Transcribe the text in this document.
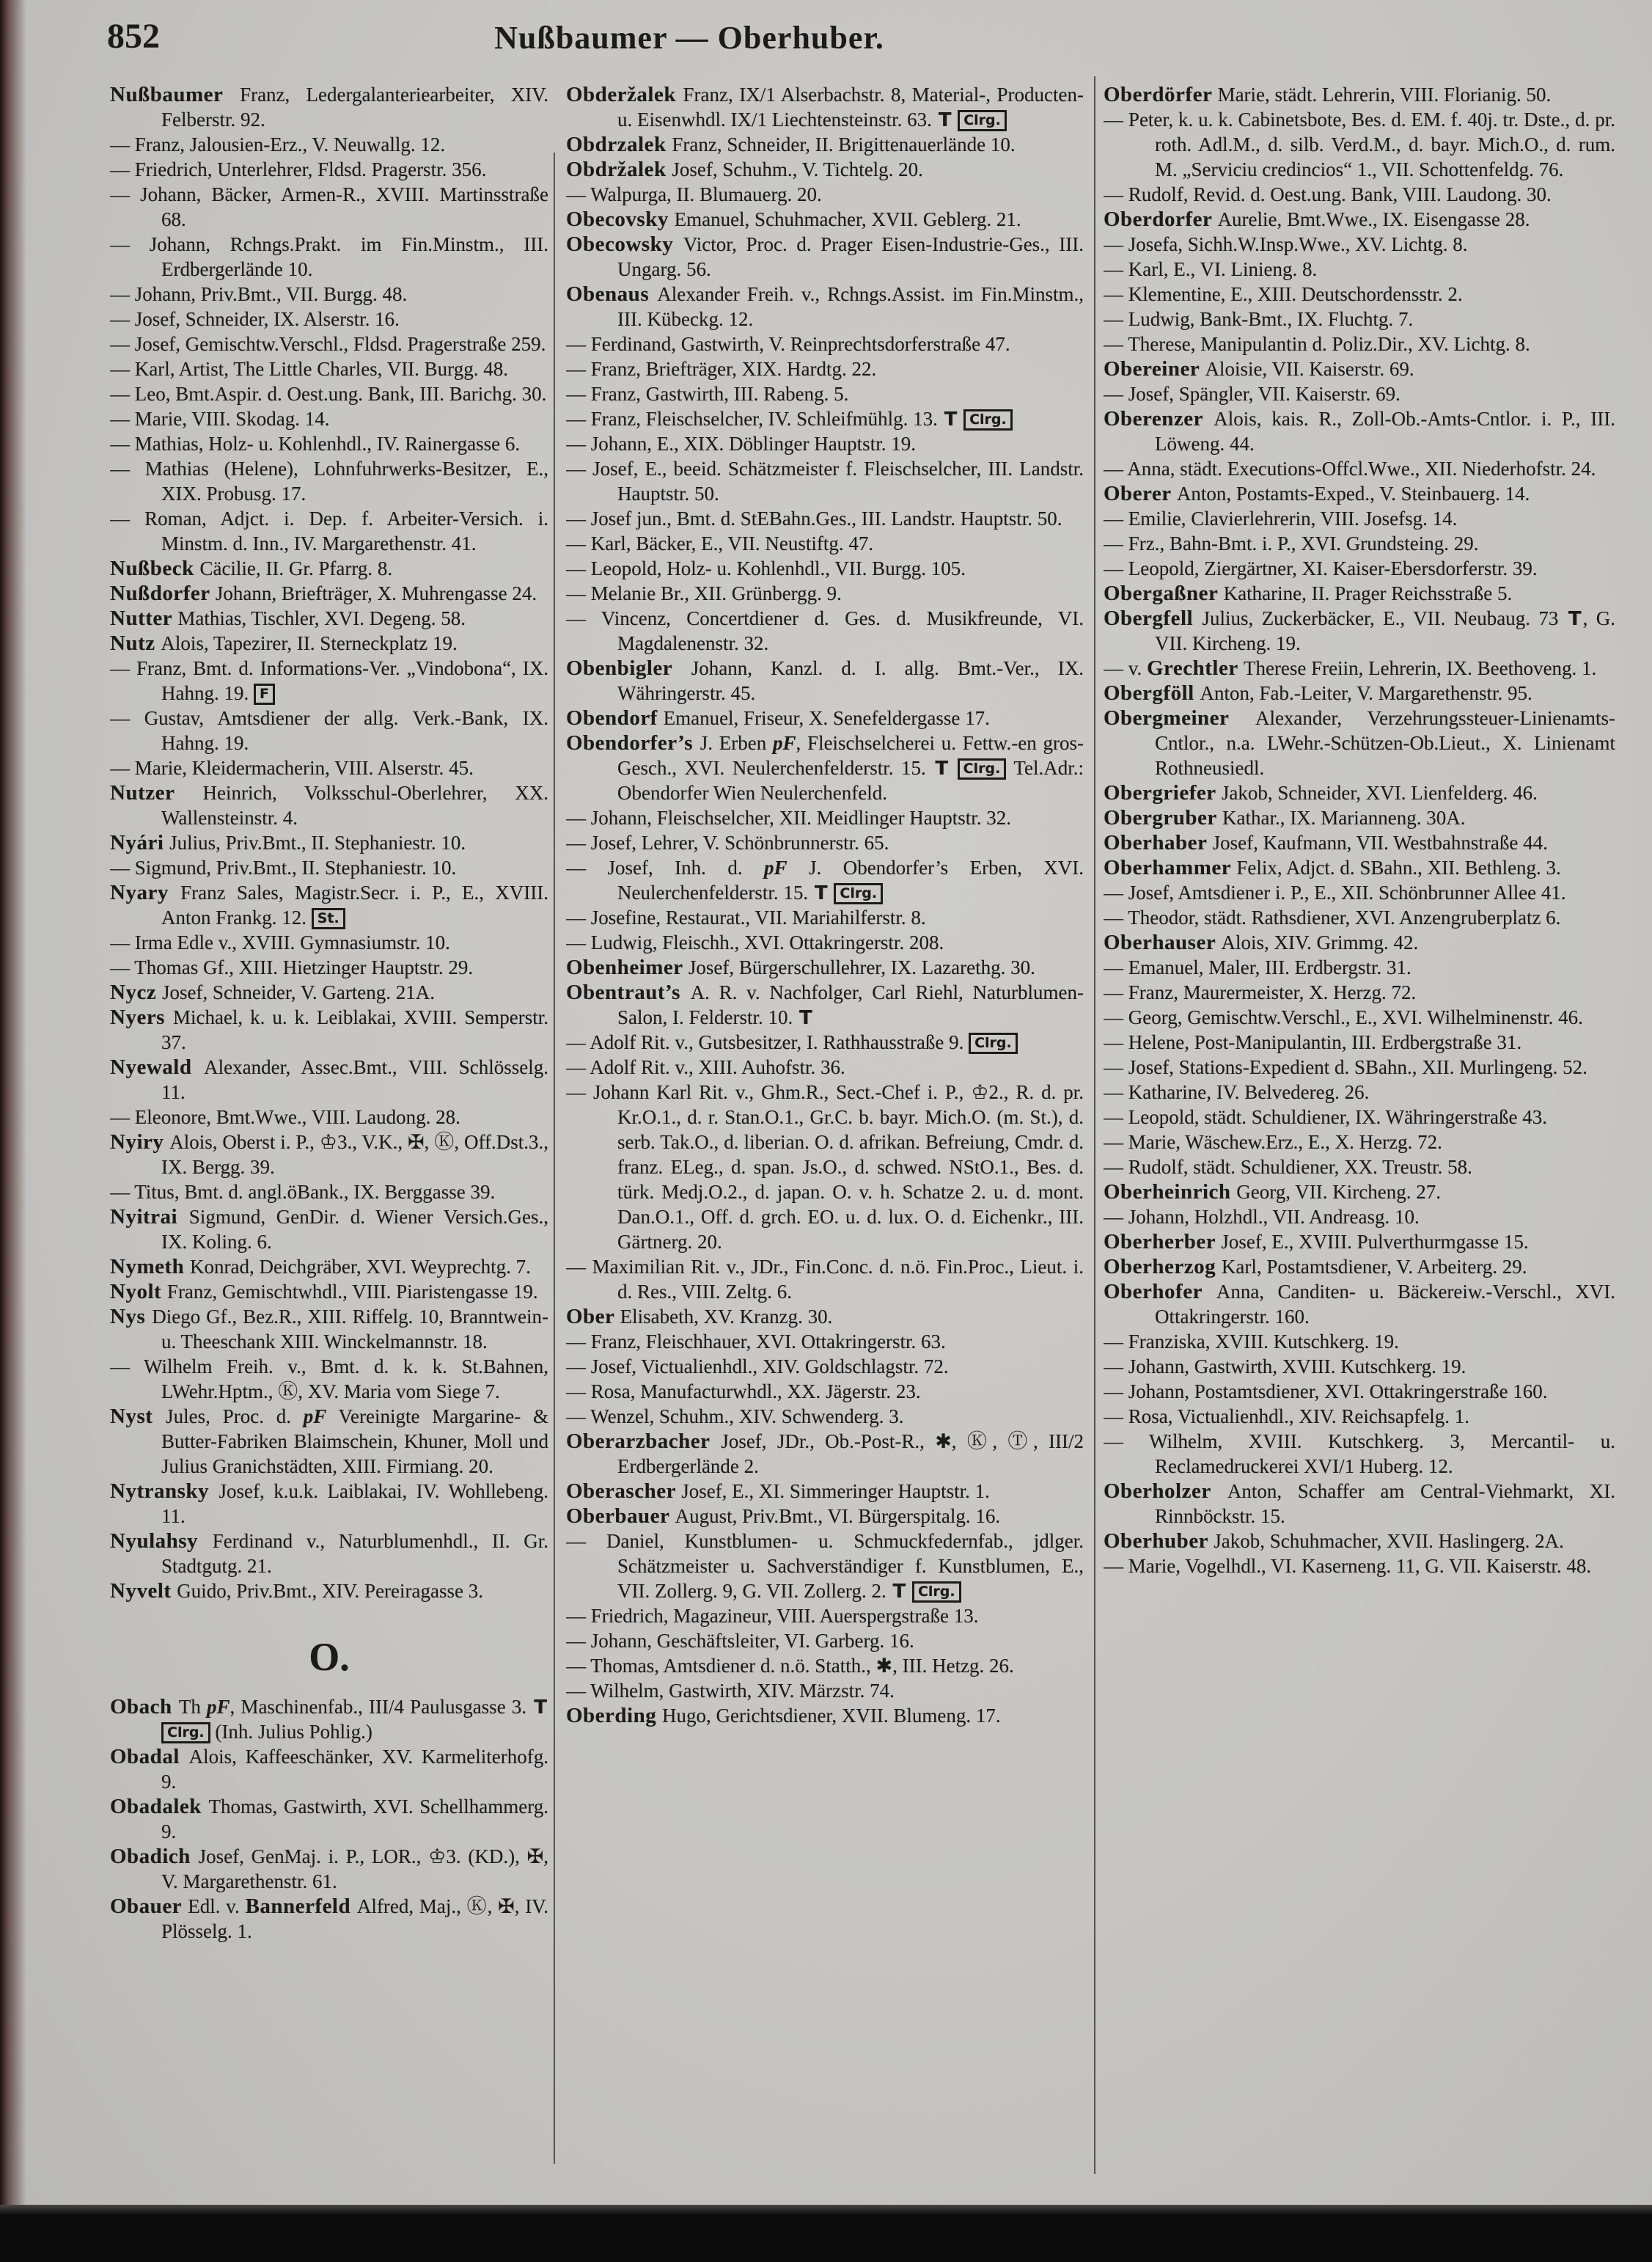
852	Nußbaumer — Oberhuber.
Nußbaumer Franz, Ledergalanteriearbeiter, XIV. Felberstr. 92.
— Franz, Jalousien-Erz., V. Neuwallg. 12.
— Friedrich, Unterlehrer, Fldsd. Pragerstr. 356.
— Johann, Bäcker, Armen-R., XVIII. Martinsstraße 68.
— Johann, Rchngs.Prakt. im Fin.Minstm., III. Erdbergerlände 10.
— Johann, Priv.Bmt., VII. Burgg. 48.
— Josef, Schneider, IX. Alserstr. 16.
— Josef, Gemischtw.Verschl., Fldsd. Pragerstraße 259.
— Karl, Artist, The Little Charles, VII. Burgg. 48.
— Leo, Bmt.Aspir. d. Oest.ung. Bank, III. Barichg. 30.
— Marie, VIII. Skodag. 14.
— Mathias, Holz- u. Kohlenhdl., IV. Rainergasse 6.
— Mathias (Helene), Lohnfuhrwerks-Besitzer, E., XIX. Probusg. 17.
— Roman, Adjct. i. Dep. f. Arbeiter-Versich. i. Minstm. d. Inn., IV. Margarethenstr. 41.
Nußbeck Cäcilie, II. Gr. Pfarrg. 8.
Nußdorfer Johann, Briefträger, X. Muhrengasse 24.
Nutter Mathias, Tischler, XVI. Degeng. 58.
Nutz Alois, Tapezirer, II. Sterneckplatz 19.
— Franz, Bmt. d. Informations-Ver. „Vindobona“, IX. Hahng. 19. F
— Gustav, Amtsdiener der allg. Verk.-Bank, IX. Hahng. 19.
— Marie, Kleidermacherin, VIII. Alserstr. 45.
Nutzer Heinrich, Volksschul-Oberlehrer, XX. Wallensteinstr. 4.
Nyári Julius, Priv.Bmt., II. Stephaniestr. 10.
— Sigmund, Priv.Bmt., II. Stephaniestr. 10.
Nyary Franz Sales, Magistr.Secr. i. P., E., XVIII. Anton Frankg. 12. St.
— Irma Edle v., XVIII. Gymnasiumstr. 10.
— Thomas Gf., XIII. Hietzinger Hauptstr. 29.
Nycz Josef, Schneider, V. Garteng. 21A.
Nyers Michael, k. u. k. Leiblakai, XVIII. Semperstr. 37.
Nyewald Alexander, Assec.Bmt., VIII. Schlösselg. 11.
— Eleonore, Bmt.Wwe., VIII. Laudong. 28.
Nyiry Alois, Oberst i. P., ♔3., V.K., ✠, Ⓚ, Off.Dst.3., IX. Bergg. 39.
— Titus, Bmt. d. angl.öBank., IX. Berggasse 39.
Nyitrai Sigmund, GenDir. d. Wiener Versich.Ges., IX. Koling. 6.
Nymeth Konrad, Deichgräber, XVI. Weyprechtg. 7.
Nyolt Franz, Gemischtwhdl., VIII. Piaristengasse 19.
Nys Diego Gf., Bez.R., XIII. Riffelg. 10, Branntwein- u. Theeschank XIII. Winckelmannstr. 18.
— Wilhelm Freih. v., Bmt. d. k. k. St.Bahnen, LWehr.Hptm., Ⓚ, XV. Maria vom Siege 7.
Nyst Jules, Proc. d. pF Vereinigte Margarine- & Butter-Fabriken Blaimschein, Khuner, Moll und Julius Granichstädten, XIII. Firmiang. 20.
Nytransky Josef, k.u.k. Laiblakai, IV. Wohllebeng. 11.
Nyulahsy Ferdinand v., Naturblumenhdl., II. Gr. Stadtgutg. 21.
Nyvelt Guido, Priv.Bmt., XIV. Pereiragasse 3.
O.
Obach Th pF, Maschinenfab., III/4 Paulusgasse 3. T Clrg. (Inh. Julius Pohlig.)
Obadal Alois, Kaffeeschänker, XV. Karmeliterhofg. 9.
Obadalek Thomas, Gastwirth, XVI. Schellhammerg. 9.
Obadich Josef, GenMaj. i. P., LOR., ♔3. (KD.), ✠, V. Margarethenstr. 61.
Obauer Edl. v. Bannerfeld Alfred, Maj., Ⓚ, ✠, IV. Plösselg. 1.
Obderžalek Franz, IX/1 Alserbachstr. 8, Material-, Producten- u. Eisenwhdl. IX/1 Liechtensteinstr. 63. T Clrg.
Obdrzalek Franz, Schneider, II. Brigittenauerlände 10.
Obdržalek Josef, Schuhm., V. Tichtelg. 20.
— Walpurga, II. Blumauerg. 20.
Obecovsky Emanuel, Schuhmacher, XVII. Geblerg. 21.
Obecowsky Victor, Proc. d. Prager Eisen-Industrie-Ges., III. Ungarg. 56.
Obenaus Alexander Freih. v., Rchngs.Assist. im Fin.Minstm., III. Kübeckg. 12.
— Ferdinand, Gastwirth, V. Reinprechtsdorferstraße 47.
— Franz, Briefträger, XIX. Hardtg. 22.
— Franz, Gastwirth, III. Rabeng. 5.
— Franz, Fleischselcher, IV. Schleifmühlg. 13. T Clrg.
— Johann, E., XIX. Döblinger Hauptstr. 19.
— Josef, E., beeid. Schätzmeister f. Fleischselcher, III. Landstr. Hauptstr. 50.
— Josef jun., Bmt. d. StEBahn.Ges., III. Landstr. Hauptstr. 50.
— Karl, Bäcker, E., VII. Neustiftg. 47.
— Leopold, Holz- u. Kohlenhdl., VII. Burgg. 105.
— Melanie Br., XII. Grünbergg. 9.
— Vincenz, Concertdiener d. Ges. d. Musikfreunde, VI. Magdalenenstr. 32.
Obenbigler Johann, Kanzl. d. I. allg. Bmt.-Ver., IX. Währingerstr. 45.
Obendorf Emanuel, Friseur, X. Senefeldergasse 17.
Obendorfer’s J. Erben pF, Fleischselcherei u. Fettw.-en gros-Gesch., XVI. Neulerchenfelderstr. 15. T Clrg. Tel.Adr.: Obendorfer Wien Neulerchenfeld.
— Johann, Fleischselcher, XII. Meidlinger Hauptstr. 32.
— Josef, Lehrer, V. Schönbrunnerstr. 65.
— Josef, Inh. d. pF J. Obendorfer’s Erben, XVI. Neulerchenfelderstr. 15. T Clrg.
— Josefine, Restaurat., VII. Mariahilferstr. 8.
— Ludwig, Fleischh., XVI. Ottakringerstr. 208.
Obenheimer Josef, Bürgerschullehrer, IX. Lazarethg. 30.
Obentraut’s A. R. v. Nachfolger, Carl Riehl, Naturblumen-Salon, I. Felderstr. 10. T
— Adolf Rit. v., Gutsbesitzer, I. Rathhausstraße 9. Clrg.
— Adolf Rit. v., XIII. Auhofstr. 36.
— Johann Karl Rit. v., Ghm.R., Sect.-Chef i. P., ♔2., R. d. pr. Kr.O.1., d. r. Stan.O.1., Gr.C. b. bayr. Mich.O. (m. St.), d. serb. Tak.O., d. liberian. O. d. afrikan. Befreiung, Cmdr. d. franz. ELeg., d. span. Js.O., d. schwed. NStO.1., Bes. d. türk. Medj.O.2., d. japan. O. v. h. Schatze 2. u. d. mont. Dan.O.1., Off. d. grch. EO. u. d. lux. O. d. Eichenkr., III. Gärtnerg. 20.
— Maximilian Rit. v., JDr., Fin.Conc. d. n.ö. Fin.Proc., Lieut. i. d. Res., VIII. Zeltg. 6.
Ober Elisabeth, XV. Kranzg. 30.
— Franz, Fleischhauer, XVI. Ottakringerstr. 63.
— Josef, Victualienhdl., XIV. Goldschlagstr. 72.
— Rosa, Manufacturwhdl., XX. Jägerstr. 23.
— Wenzel, Schuhm., XIV. Schwenderg. 3.
Oberarzbacher Josef, JDr., Ob.-Post-R., ✱, Ⓚ, Ⓣ, III/2 Erdbergerlände 2.
Oberascher Josef, E., XI. Simmeringer Hauptstr. 1.
Oberbauer August, Priv.Bmt., VI. Bürgerspitalg. 16.
— Daniel, Kunstblumen- u. Schmuckfedernfab., jdlger. Schätzmeister u. Sachverständiger f. Kunstblumen, E., VII. Zollerg. 9, G. VII. Zollerg. 2. T Clrg.
— Friedrich, Magazineur, VIII. Auerspergstraße 13.
— Johann, Geschäftsleiter, VI. Garberg. 16.
— Thomas, Amtsdiener d. n.ö. Statth., ✱, III. Hetzg. 26.
— Wilhelm, Gastwirth, XIV. Märzstr. 74.
Oberding Hugo, Gerichtsdiener, XVII. Blumeng. 17.
Oberdörfer Marie, städt. Lehrerin, VIII. Florianig. 50.
— Peter, k. u. k. Cabinetsbote, Bes. d. EM. f. 40j. tr. Dste., d. pr. roth. Adl.M., d. silb. Verd.M., d. bayr. Mich.O., d. rum. M. „Serviciu credincios“ 1., VII. Schottenfeldg. 76.
— Rudolf, Revid. d. Oest.ung. Bank, VIII. Laudong. 30.
Oberdorfer Aurelie, Bmt.Wwe., IX. Eisengasse 28.
— Josefa, Sichh.W.Insp.Wwe., XV. Lichtg. 8.
— Karl, E., VI. Linieng. 8.
— Klementine, E., XIII. Deutschordensstr. 2.
— Ludwig, Bank-Bmt., IX. Fluchtg. 7.
— Therese, Manipulantin d. Poliz.Dir., XV. Lichtg. 8.
Obereiner Aloisie, VII. Kaiserstr. 69.
— Josef, Spängler, VII. Kaiserstr. 69.
Oberenzer Alois, kais. R., Zoll-Ob.-Amts-Cntlor. i. P., III. Löweng. 44.
— Anna, städt. Executions-Offcl.Wwe., XII. Niederhofstr. 24.
Oberer Anton, Postamts-Exped., V. Steinbauerg. 14.
— Emilie, Clavierlehrerin, VIII. Josefsg. 14.
— Frz., Bahn-Bmt. i. P., XVI. Grundsteing. 29.
— Leopold, Ziergärtner, XI. Kaiser-Ebersdorferstr. 39.
Obergaßner Katharine, II. Prager Reichsstraße 5.
Obergfell Julius, Zuckerbäcker, E., VII. Neubaug. 73 T, G. VII. Kircheng. 19.
— v. Grechtler Therese Freiin, Lehrerin, IX. Beethoveng. 1.
Obergföll Anton, Fab.-Leiter, V. Margarethenstr. 95.
Obergmeiner Alexander, Verzehrungssteuer-Linienamts-Cntlor., n.a. LWehr.-Schützen-Ob.Lieut., X. Linienamt Rothneusiedl.
Obergriefer Jakob, Schneider, XVI. Lienfelderg. 46.
Obergruber Kathar., IX. Marianneng. 30A.
Oberhaber Josef, Kaufmann, VII. Westbahnstraße 44.
Oberhammer Felix, Adjct. d. SBahn., XII. Bethleng. 3.
— Josef, Amtsdiener i. P., E., XII. Schönbrunner Allee 41.
— Theodor, städt. Rathsdiener, XVI. Anzengruberplatz 6.
Oberhauser Alois, XIV. Grimmg. 42.
— Emanuel, Maler, III. Erdbergstr. 31.
— Franz, Maurermeister, X. Herzg. 72.
— Georg, Gemischtw.Verschl., E., XVI. Wilhelminenstr. 46.
— Helene, Post-Manipulantin, III. Erdbergstraße 31.
— Josef, Stations-Expedient d. SBahn., XII. Murlingeng. 52.
— Katharine, IV. Belvedereg. 26.
— Leopold, städt. Schuldiener, IX. Währingerstraße 43.
— Marie, Wäschew.Erz., E., X. Herzg. 72.
— Rudolf, städt. Schuldiener, XX. Treustr. 58.
Oberheinrich Georg, VII. Kircheng. 27.
— Johann, Holzhdl., VII. Andreasg. 10.
Oberherber Josef, E., XVIII. Pulverthurmgasse 15.
Oberherzog Karl, Postamtsdiener, V. Arbeiterg. 29.
Oberhofer Anna, Canditen- u. Bäckereiw.-Verschl., XVI. Ottakringerstr. 160.
— Franziska, XVIII. Kutschkerg. 19.
— Johann, Gastwirth, XVIII. Kutschkerg. 19.
— Johann, Postamtsdiener, XVI. Ottakringerstraße 160.
— Rosa, Victualienhdl., XIV. Reichsapfelg. 1.
— Wilhelm, XVIII. Kutschkerg. 3, Mercantil- u. Reclamedruckerei XVI/1 Huberg. 12.
Oberholzer Anton, Schaffer am Central-Viehmarkt, XI. Rinnböckstr. 15.
Oberhuber Jakob, Schuhmacher, XVII. Haslingerg. 2A.
— Marie, Vogelhdl., VI. Kaserneng. 11, G. VII. Kaiserstr. 48.
